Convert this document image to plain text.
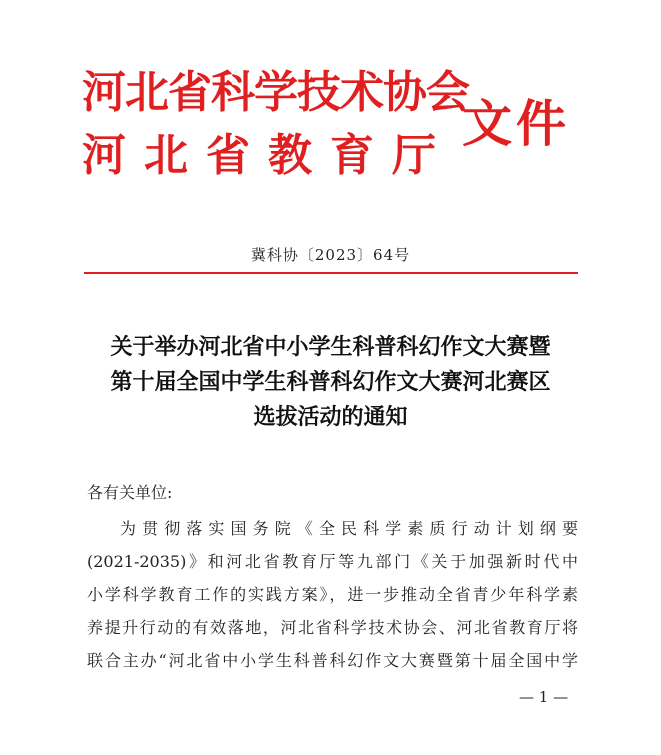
河北省科学技术协会
河北省教育厅
文件
冀科协〔2023〕64号
关于举办河北省中小学生科普科幻作文大赛暨
第十届全国中学生科普科幻作文大赛河北赛区
选拔活动的通知
各有关单位:
为贯彻落实国务院《全民科学素质行动计划纲要
(2021-2035)》和河北省教育厅等九部门《关于加强新时代中
小学科学教育工作的实践方案》，进一步推动全省青少年科学素
养提升行动的有效落地，河北省科学技术协会、河北省教育厅将
联合主办“河北省中小学生科普科幻作文大赛暨第十届全国中学
— 1 —
